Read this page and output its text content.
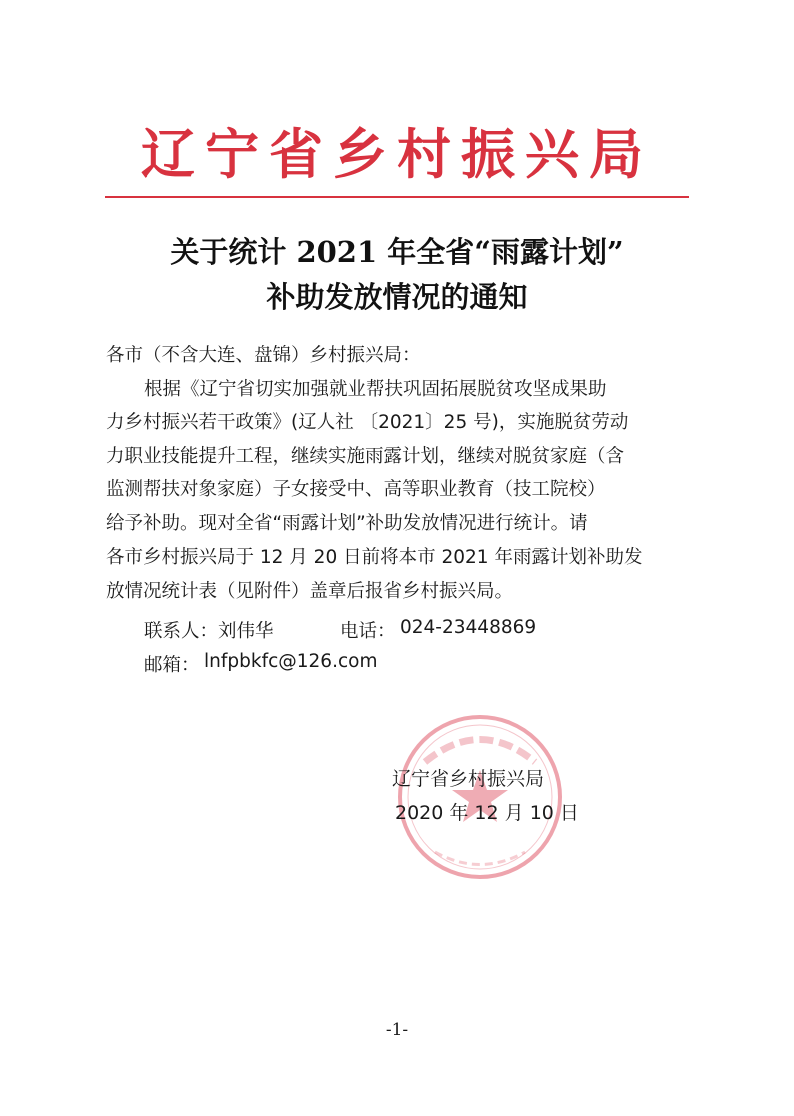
辽宁省乡村振兴局
关于统计 2021 年全省“雨露计划”
补助发放情况的通知
各市（不含大连、盘锦）乡村振兴局：
根据《辽宁省切实加强就业帮扶巩固拓展脱贫攻坚成果助
力乡村振兴若干政策》(辽人社 〔2021〕25 号)，实施脱贫劳动
力职业技能提升工程，继续实施雨露计划，继续对脱贫家庭（含
监测帮扶对象家庭）子女接受中、高等职业教育（技工院校）
给予补助。现对全省“雨露计划”补助发放情况进行统计。请
各市乡村振兴局于 12 月 20 日前将本市 2021 年雨露计划补助发
放情况统计表（见附件）盖章后报省乡村振兴局。
联系人： 刘伟华	电话： 024-23448869
邮箱： lnfpbkfc@126.com
辽宁省乡村振兴局
2020 年 12 月 10 日
-1-
